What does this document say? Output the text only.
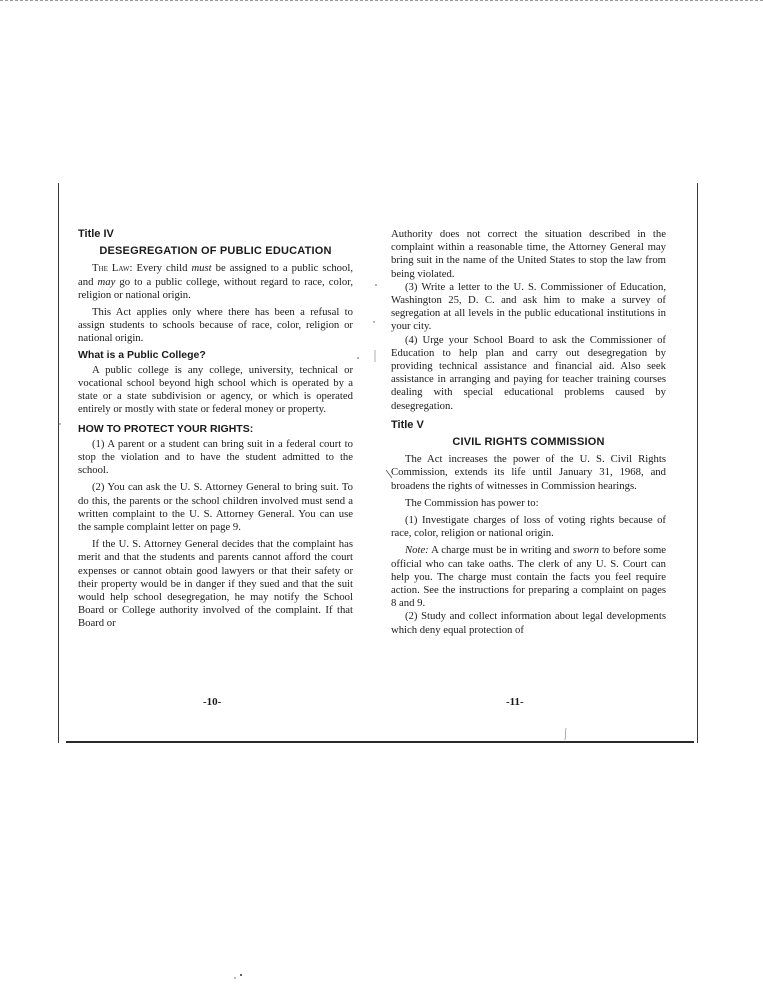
Title IV

DESEGREGATION OF PUBLIC EDUCATION

The Law: Every child must be assigned to a public school, and may go to a public college, without regard to race, color, religion or national origin.

This Act applies only where there has been a refusal to assign students to schools because of race, color, religion or national origin.

What is a Public College?

A public college is any college, university, technical or vocational school beyond high school which is operated by a state or a state subdivision or agency, or which is operated entirely or mostly with state or federal money or property.

HOW TO PROTECT YOUR RIGHTS:

(1) A parent or a student can bring suit in a federal court to stop the violation and to have the student admitted to the school.

(2) You can ask the U. S. Attorney General to bring suit. To do this, the parents or the school children involved must send a written complaint to the U. S. Attorney General. You can use the sample complaint letter on page 9.

If the U. S. Attorney General decides that the complaint has merit and that the students and parents cannot afford the court expenses or cannot obtain good lawyers or that their safety or their property would be in danger if they sued and that the suit would help school desegregation, he may notify the School Board or College authority involved of the complaint. If that Board or

Authority does not correct the situation described in the complaint within a reasonable time, the Attorney General may bring suit in the name of the United States to stop the law from being violated.

(3) Write a letter to the U. S. Commissioner of Education, Washington 25, D. C. and ask him to make a survey of segregation at all levels in the public educational institutions in your city.

(4) Urge your School Board to ask the Commissioner of Education to help plan and carry out desegregation by providing technical assistance and financial aid. Also seek assistance in arranging and paying for teacher training courses dealing with special educational problems caused by desegregation.

Title V

CIVIL RIGHTS COMMISSION

The Act increases the power of the U. S. Civil Rights Commission, extends its life until January 31, 1968, and broadens the rights of witnesses in Commission hearings.

The Commission has power to:

(1) Investigate charges of loss of voting rights because of race, color, religion or national origin.

Note: A charge must be in writing and sworn to before some official who can take oaths. The clerk of any U. S. Court can help you. The charge must contain the facts you feel require action. See the instructions for preparing a complaint on pages 8 and 9.

(2) Study and collect information about legal developments which deny equal protection of

-10-	-11-
